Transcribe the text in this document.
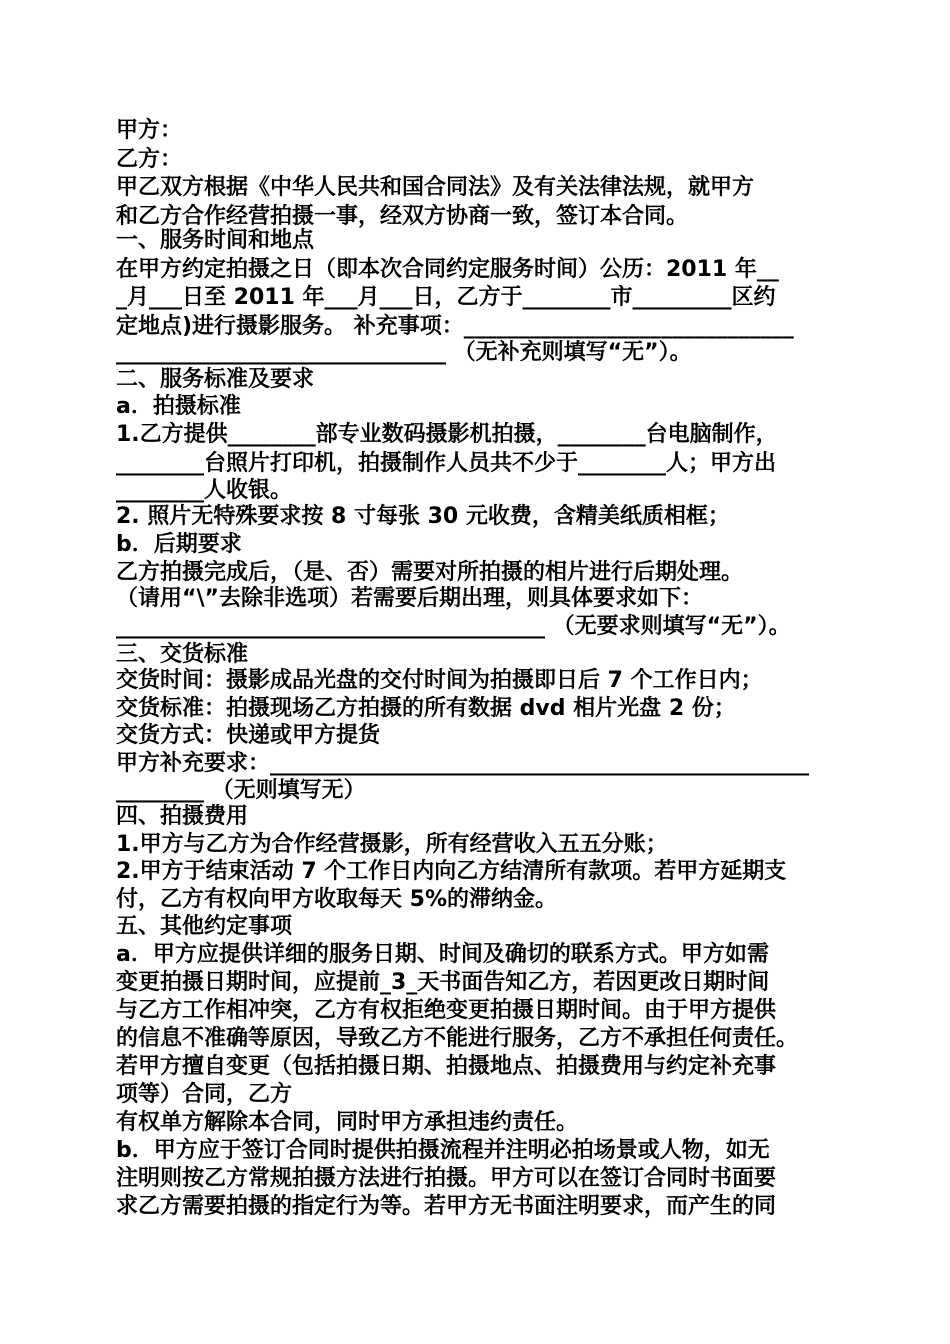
甲方：
乙方：
甲乙双方根据《中华人民共和国合同法》及有关法律法规，就甲方
和乙方合作经营拍摄一事，经双方协商一致，签订本合同。
一、服务时间和地点
在甲方约定拍摄之日（即本次合同约定服务时间）公历：2011 年__
_月___日至 2011 年___月___日，乙方于________市_________区约
定地点)进行摄影服务。 补充事项：______________________________
______________________________ （无补充则填写“无”）。
二、服务标准及要求
a．拍摄标准
1.乙方提供________部专业数码摄影机拍摄，________台电脑制作，
________台照片打印机，拍摄制作人员共不少于________人；甲方出
________人收银。
2. 照片无特殊要求按 8 寸每张 30 元收费，含精美纸质相框；
b．后期要求
乙方拍摄完成后，（是、否）需要对所拍摄的相片进行后期处理。
（请用“\”去除非选项）若需要后期出理，则具体要求如下：
_______________________________________ （无要求则填写“无”）。
三、交货标准
交货时间：摄影成品光盘的交付时间为拍摄即日后 7 个工作日内；
交货标准：拍摄现场乙方拍摄的所有数据 dvd 相片光盘 2 份；
交货方式：快递或甲方提货
甲方补充要求：_________________________________________________
________ （无则填写无）
四、拍摄费用
1.甲方与乙方为合作经营摄影，所有经营收入五五分账；
2.甲方于结束活动 7 个工作日内向乙方结清所有款项。若甲方延期支
付，乙方有权向甲方收取每天 5%的滞纳金。
五、其他约定事项
a．甲方应提供详细的服务日期、时间及确切的联系方式。甲方如需
变更拍摄日期时间，应提前_3_天书面告知乙方，若因更改日期时间
与乙方工作相冲突，乙方有权拒绝变更拍摄日期时间。由于甲方提供
的信息不准确等原因，导致乙方不能进行服务，乙方不承担任何责任。
若甲方擅自变更（包括拍摄日期、拍摄地点、拍摄费用与约定补充事
项等）合同，乙方
有权单方解除本合同，同时甲方承担违约责任。
b．甲方应于签订合同时提供拍摄流程并注明必拍场景或人物，如无
注明则按乙方常规拍摄方法进行拍摄。甲方可以在签订合同时书面要
求乙方需要拍摄的指定行为等。若甲方无书面注明要求，而产生的同
